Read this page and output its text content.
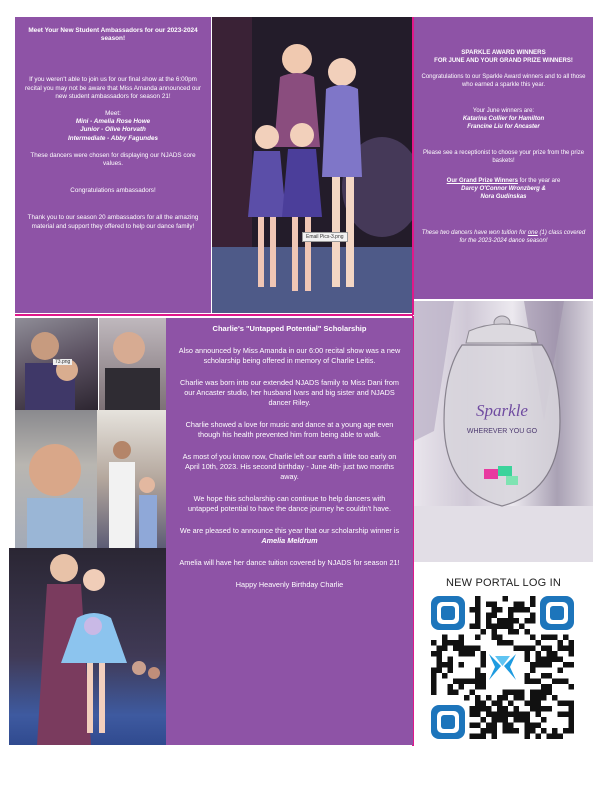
Meet Your New Student Ambassadors for our 2023-2024 season!

If you weren't able to join us for our final show at the 6:00pm recital you may not be aware that Miss Amanda announced our new student ambassadors for season 21!

Meet:

Mini - Amelia Rose Howe

Junior - Olive Horvath

Intermediate - Abby Fagundes

These dancers were chosen for displaying our NJADS core values.

Congratulations ambassadors!

Thank you to our season 20 ambassadors for all the amazing material and support they offered to help our dance family!

Email Pics-3.png

SPARKLE AWARD WINNERS

FOR JUNE AND YOUR GRAND PRIZE WINNERS!

Congratulations to our Sparkle Award winners and to all those who earned a sparkle this year.

Your June winners are:

Katarina Collier for Hamilton

Francine Liu for Ancaster

Please see a receptionist to choose your prize from the prize baskets!

Our Grand Prize Winners for the year are

Darcy O'Connor Wronzberg &

Nora Gudinskas

These two dancers have won tuition for one (1) class covered for the 2023-2024 dance season!

73.png

Charlie's "Untapped Potential" Scholarship

Also announced by Miss Amanda in our 6:00 recital show was a new scholarship being offered in memory of Charlie Leitis.

Charlie was born into our extended NJADS family to Miss Dani from our Ancaster studio, her husband Ivars and big sister and NJADS dancer Riley.

Charlie showed a love for music and dance at a young age even though his health prevented him from being able to walk.

As most of you know now, Charlie left our earth a little too early on April 10th, 2023. His second birthday - June 4th- just two months away.

We hope this scholarship can continue to help dancers with untapped potential to have the dance journey he couldn't have.

We are pleased to announce this year that our scholarship winner is

Amelia Meldrum

Amelia will have her dance tuition covered by NJADS for season 21!

Happy Heavenly Birthday Charlie

Sparkle
WHEREVER YOU GO
NEW PORTAL LOG IN
